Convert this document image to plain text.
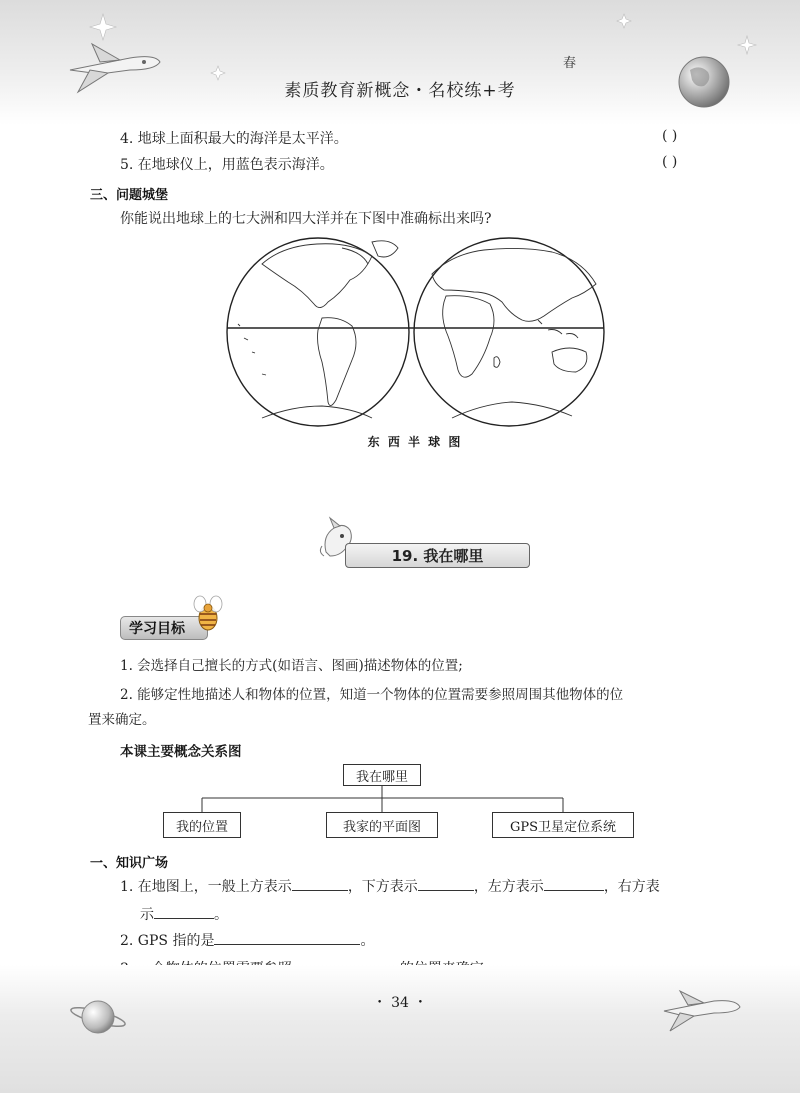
素质教育新概念・名校练+考
春
4. 地球上面积最大的海洋是太平洋。	( )
5. 在地球仪上，用蓝色表示海洋。	( )
三、问题城堡
你能说出地球上的七大洲和四大洋并在下图中准确标出来吗?
东 西 半 球 图
19. 我在哪里
学习目标
1. 会选择自己擅长的方式(如语言、图画)描述物体的位置;
2. 能够定性地描述人和物体的位置，知道一个物体的位置需要参照周围其他物体的位
置来确定。
本课主要概念关系图
我在哪里
我的位置	我家的平面图	GPS卫星定位系统
一、知识广场
1. 在地图上，一般上方表示	，下方表示	，左方表示	，右方表
示	。
2. GPS 指的是	。
・ 34 ・
